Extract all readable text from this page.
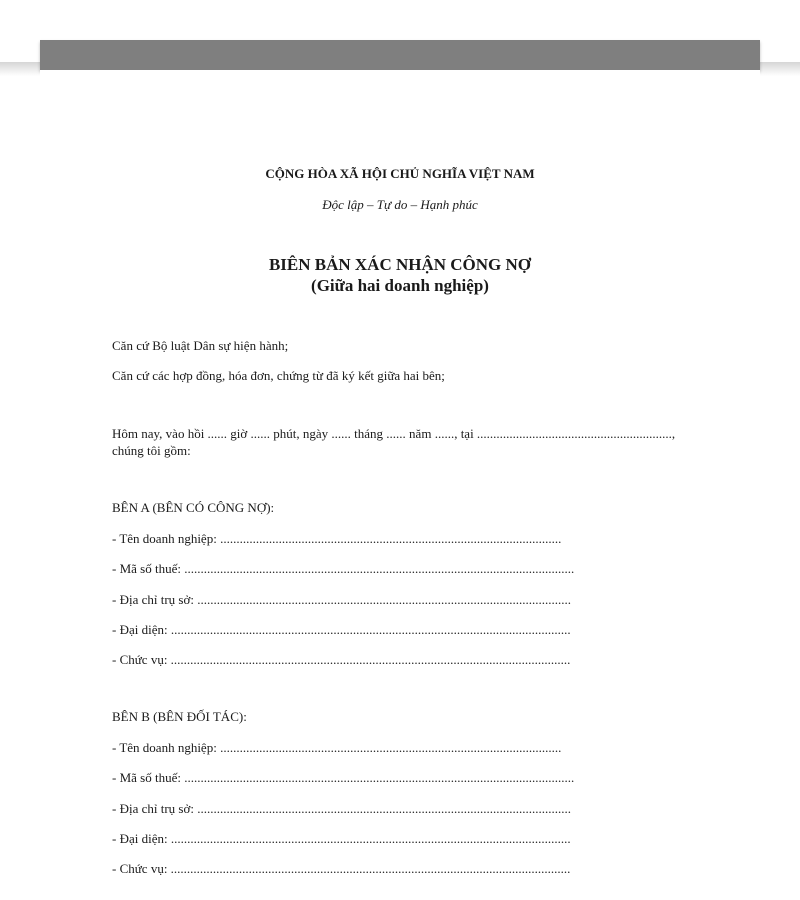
CỘNG HÒA XÃ HỘI CHỦ NGHĨA VIỆT NAM
Độc lập – Tự do – Hạnh phúc
BIÊN BẢN XÁC NHẬN CÔNG NỢ
(Giữa hai doanh nghiệp)
Căn cứ Bộ luật Dân sự hiện hành;
Căn cứ các hợp đồng, hóa đơn, chứng từ đã ký kết giữa hai bên;
Hôm nay, vào hồi ...... giờ ...... phút, ngày ...... tháng ...... năm ......, tại ............................................................,
chúng tôi gồm:
BÊN A (BÊN CÓ CÔNG NỢ):
- Tên doanh nghiệp: .........................................................................................................
- Mã số thuế: ........................................................................................................................
- Địa chỉ trụ sở: ...................................................................................................................
- Đại diện: ...........................................................................................................................
- Chức vụ: ...........................................................................................................................
BÊN B (BÊN ĐỐI TÁC):
- Tên doanh nghiệp: .........................................................................................................
- Mã số thuế: ........................................................................................................................
- Địa chỉ trụ sở: ...................................................................................................................
- Đại diện: ...........................................................................................................................
- Chức vụ: ...........................................................................................................................
